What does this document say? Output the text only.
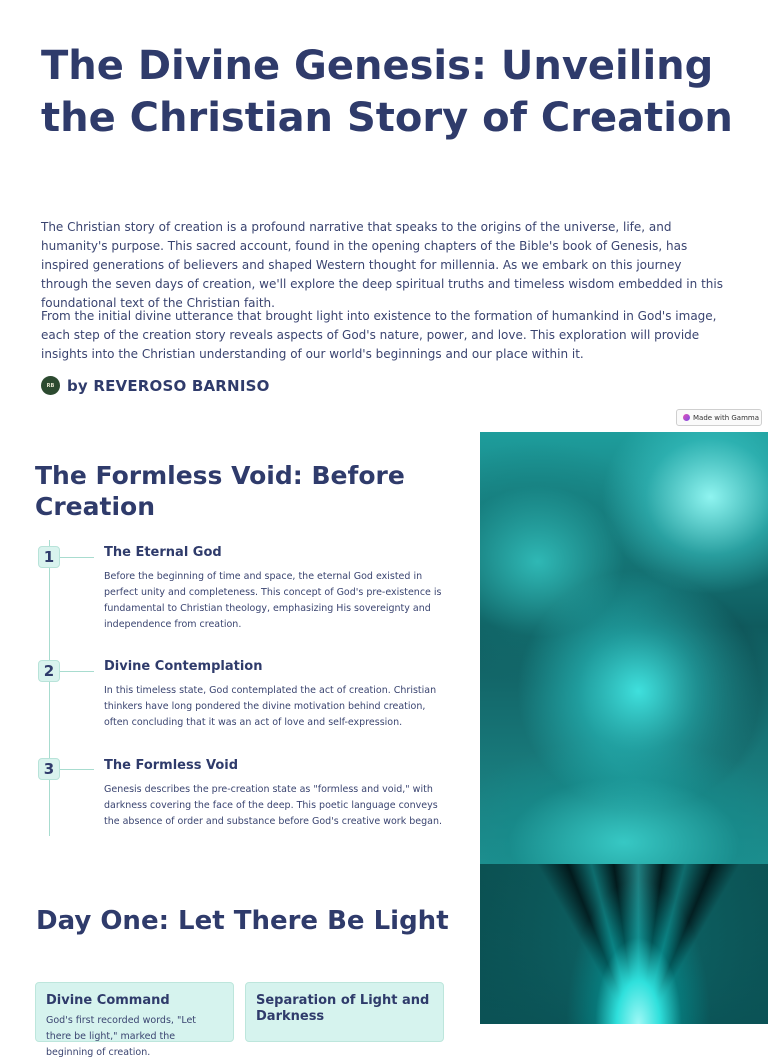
The Divine Genesis: Unveiling the Christian Story of Creation

The Christian story of creation is a profound narrative that speaks to the origins of the universe, life, and humanity's purpose. This sacred account, found in the opening chapters of the Bible's book of Genesis, has inspired generations of believers and shaped Western thought for millennia. As we embark on this journey through the seven days of creation, we'll explore the deep spiritual truths and timeless wisdom embedded in this foundational text of the Christian faith.

From the initial divine utterance that brought light into existence to the formation of humankind in God's image, each step of the creation story reveals aspects of God's nature, power, and love. This exploration will provide insights into the Christian understanding of our world's beginnings and our place within it.

RB by REVEROSO BARNISO
Made with Gamma
The Formless Void: Before Creation
1	The Eternal God

Before the beginning of time and space, the eternal God existed in perfect unity and completeness. This concept of God's pre-existence is fundamental to Christian theology, emphasizing His sovereignty and independence from creation.

2	Divine Contemplation

In this timeless state, God contemplated the act of creation. Christian thinkers have long pondered the divine motivation behind creation, often concluding that it was an act of love and self-expression.

3	The Formless Void

Genesis describes the pre-creation state as "formless and void," with darkness covering the face of the deep. This poetic language conveys the absence of order and substance before God's creative work began.

Day One: Let There Be Light
Divine Command

God's first recorded words, "Let there be light," marked the beginning of creation.

Separation of Light and Darkness
